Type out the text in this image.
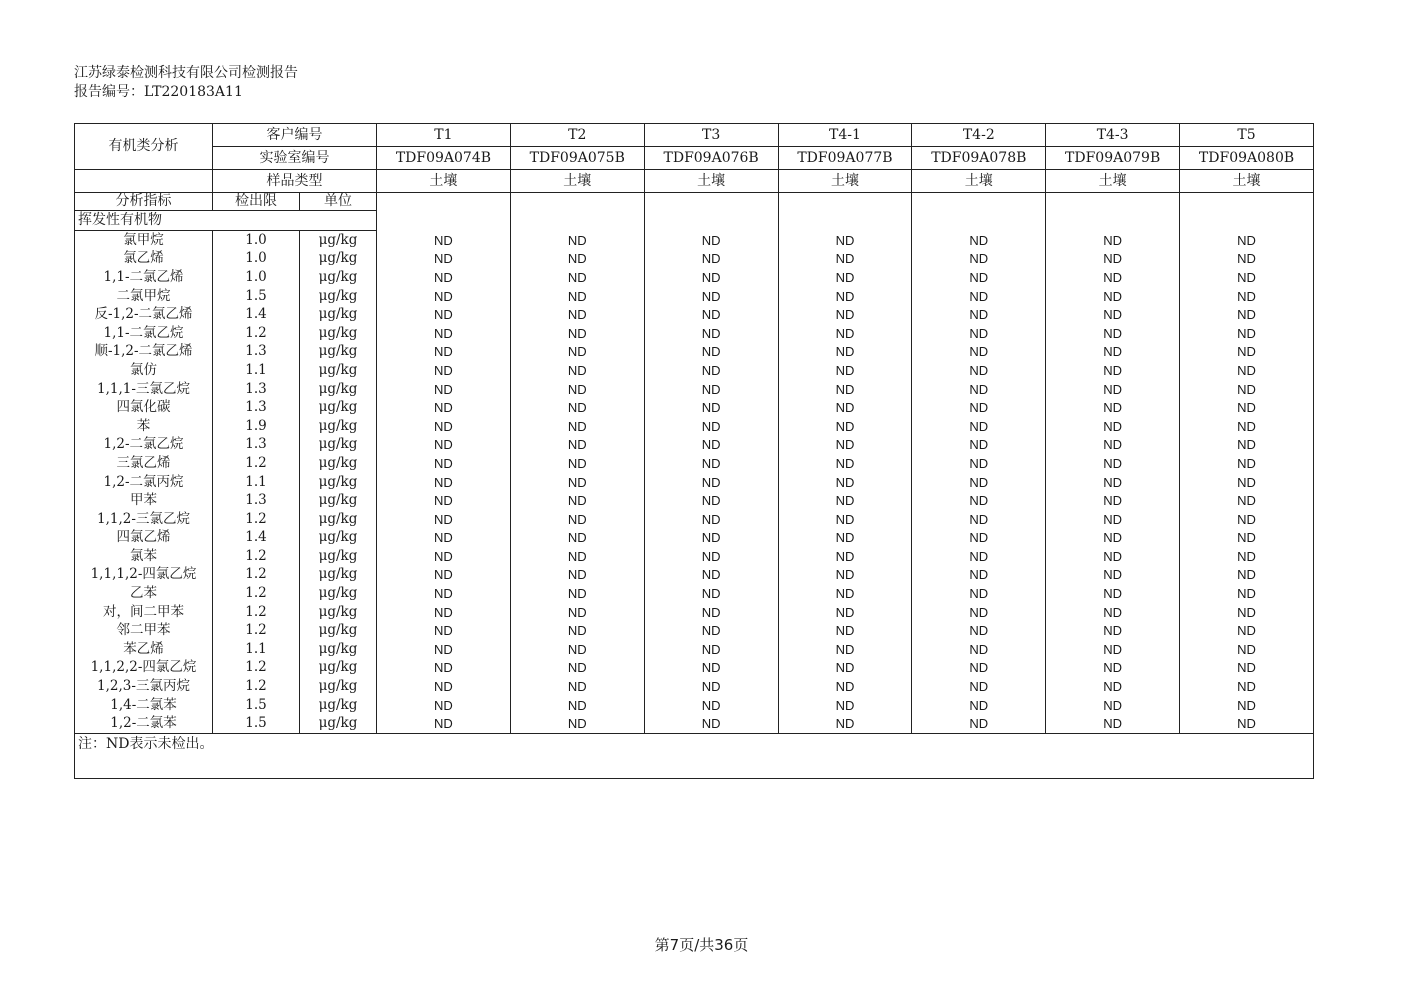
江苏绿泰检测科技有限公司检测报告
报告编号：LT220183A11
有机类分析	客户编号		T1	T2	T3	T4-1	T4-2	T4-3	T5
	实验室编号		TDF09A074B	TDF09A075B	TDF09A076B	TDF09A077B	TDF09A078B	TDF09A079B	TDF09A080B
	样品类型		土壤	土壤	土壤	土壤	土壤	土壤	土壤
分析指标	检出限	单位							
挥发性有机物									
氯甲烷	1.0	μg/kg	ND	ND	ND	ND	ND	ND	ND
氯乙烯	1.0	μg/kg	ND	ND	ND	ND	ND	ND	ND
1,1-二氯乙烯	1.0	μg/kg	ND	ND	ND	ND	ND	ND	ND
二氯甲烷	1.5	μg/kg	ND	ND	ND	ND	ND	ND	ND
反-1,2-二氯乙烯	1.4	μg/kg	ND	ND	ND	ND	ND	ND	ND
1,1-二氯乙烷	1.2	μg/kg	ND	ND	ND	ND	ND	ND	ND
顺-1,2-二氯乙烯	1.3	μg/kg	ND	ND	ND	ND	ND	ND	ND
氯仿	1.1	μg/kg	ND	ND	ND	ND	ND	ND	ND
1,1,1-三氯乙烷	1.3	μg/kg	ND	ND	ND	ND	ND	ND	ND
四氯化碳	1.3	μg/kg	ND	ND	ND	ND	ND	ND	ND
苯	1.9	μg/kg	ND	ND	ND	ND	ND	ND	ND
1,2-二氯乙烷	1.3	μg/kg	ND	ND	ND	ND	ND	ND	ND
三氯乙烯	1.2	μg/kg	ND	ND	ND	ND	ND	ND	ND
1,2-二氯丙烷	1.1	μg/kg	ND	ND	ND	ND	ND	ND	ND
甲苯	1.3	μg/kg	ND	ND	ND	ND	ND	ND	ND
1,1,2-三氯乙烷	1.2	μg/kg	ND	ND	ND	ND	ND	ND	ND
四氯乙烯	1.4	μg/kg	ND	ND	ND	ND	ND	ND	ND
氯苯	1.2	μg/kg	ND	ND	ND	ND	ND	ND	ND
1,1,1,2-四氯乙烷	1.2	μg/kg	ND	ND	ND	ND	ND	ND	ND
乙苯	1.2	μg/kg	ND	ND	ND	ND	ND	ND	ND
对，间二甲苯	1.2	μg/kg	ND	ND	ND	ND	ND	ND	ND
邻二甲苯	1.2	μg/kg	ND	ND	ND	ND	ND	ND	ND
苯乙烯	1.1	μg/kg	ND	ND	ND	ND	ND	ND	ND
1,1,2,2-四氯乙烷	1.2	μg/kg	ND	ND	ND	ND	ND	ND	ND
1,2,3-三氯丙烷	1.2	μg/kg	ND	ND	ND	ND	ND	ND	ND
1,4-二氯苯	1.5	μg/kg	ND	ND	ND	ND	ND	ND	ND
1,2-二氯苯	1.5	μg/kg	ND	ND	ND	ND	ND	ND	ND
注：ND表示未检出。									
第7页/共36页
